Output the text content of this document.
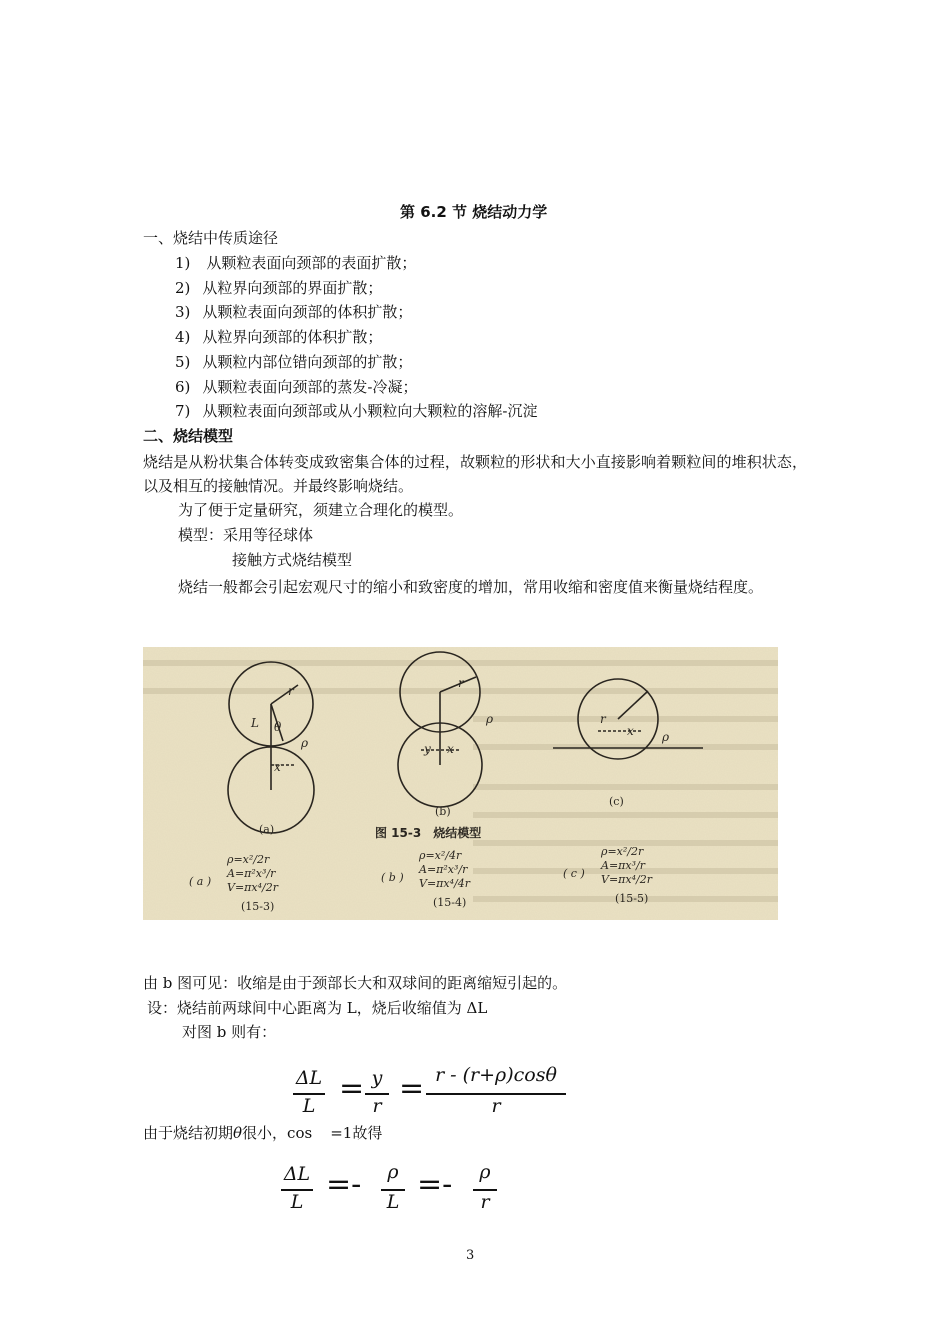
第 6.2 节 烧结动力学
一、烧结中传质途径
1) 从颗粒表面向颈部的表面扩散；
2) 从粒界向颈部的界面扩散；
3) 从颗粒表面向颈部的体积扩散；
4) 从粒界向颈部的体积扩散；
5) 从颗粒内部位错向颈部的扩散；
6) 从颗粒表面向颈部的蒸发-冷凝；
7) 从颗粒表面向颈部或从小颗粒向大颗粒的溶解-沉淀
二、烧结模型
烧结是从粉状集合体转变成致密集合体的过程，故颗粒的形状和大小直接影响着颗粒间的堆积状态，以及相互的接触情况。并最终影响烧结。
为了便于定量研究，须建立合理化的模型。
模型：采用等径球体
接触方式烧结模型
烧结一般都会引起宏观尺寸的缩小和致密度的增加，常用收缩和密度值来衡量烧结程度。
r
L θ
ρ
x
r
ρ
y x
r
x ρ
(a)
(b)
(c)
图 15-3　烧结模型
( a )
ρ=x²/2r
A=π²x³/r
V=πx⁴/2r
(15-3)
( b )
ρ=x²/4r
A=π²x³/r
V=πx⁴/4r
(15-4)
( c )
ρ=x²/2r
A=πx³/r
V=πx⁴/2r
(15-5)
由 b 图可见：收缩是由于颈部长大和双球间的距离缩短引起的。
设：烧结前两球间中心距离为 L，烧后收缩值为 ΔL
对图 b 则有：
ΔL
L = y
r = r - (r+ρ)cosθ
r
由于烧结初期θ很小，cos =1故得
ΔL
L =-	ρ
L =-	ρ
r
3
